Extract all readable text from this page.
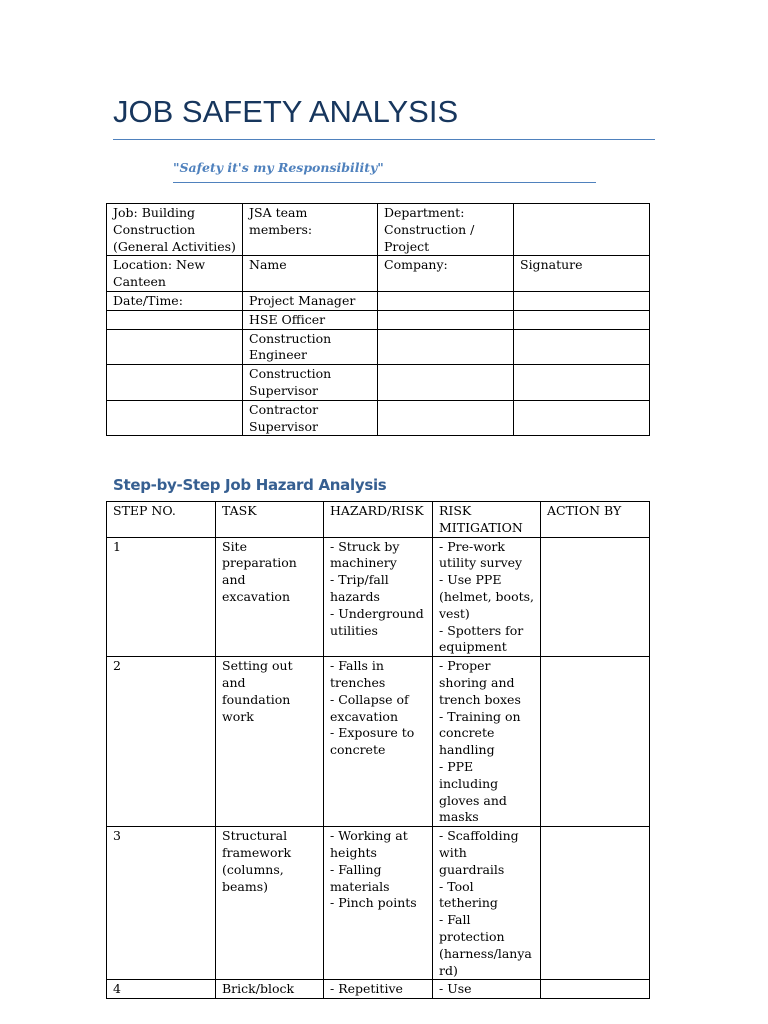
JOB SAFETY ANALYSIS
"Safety it's my Responsibility"
Job: Building Construction (General Activities)	JSA team members:	Department: Construction / Project	
Location: New Canteen	Name	Company:	Signature
Date/Time:	Project Manager		
	HSE Officer		
	Construction Engineer		
	Construction Supervisor		
	Contractor Supervisor		
Step-by-Step Job Hazard Analysis
STEP NO.	TASK	HAZARD/RISK	RISK MITIGATION	ACTION BY
1	Site preparation and excavation	- Struck by machinery
- Trip/fall hazards
- Underground utilities	- Pre-work utility survey
- Use PPE (helmet, boots, vest)
- Spotters for equipment	
2	Setting out and foundation work	- Falls in trenches
- Collapse of excavation
- Exposure to concrete	- Proper shoring and trench boxes
- Training on concrete handling
- PPE including gloves and masks	
3	Structural framework (columns, beams)	- Working at heights
- Falling materials
- Pinch points	- Scaffolding with guardrails
- Tool tethering
- Fall protection (harness/lanyard)	
4	Brick/block	- Repetitive	- Use	
